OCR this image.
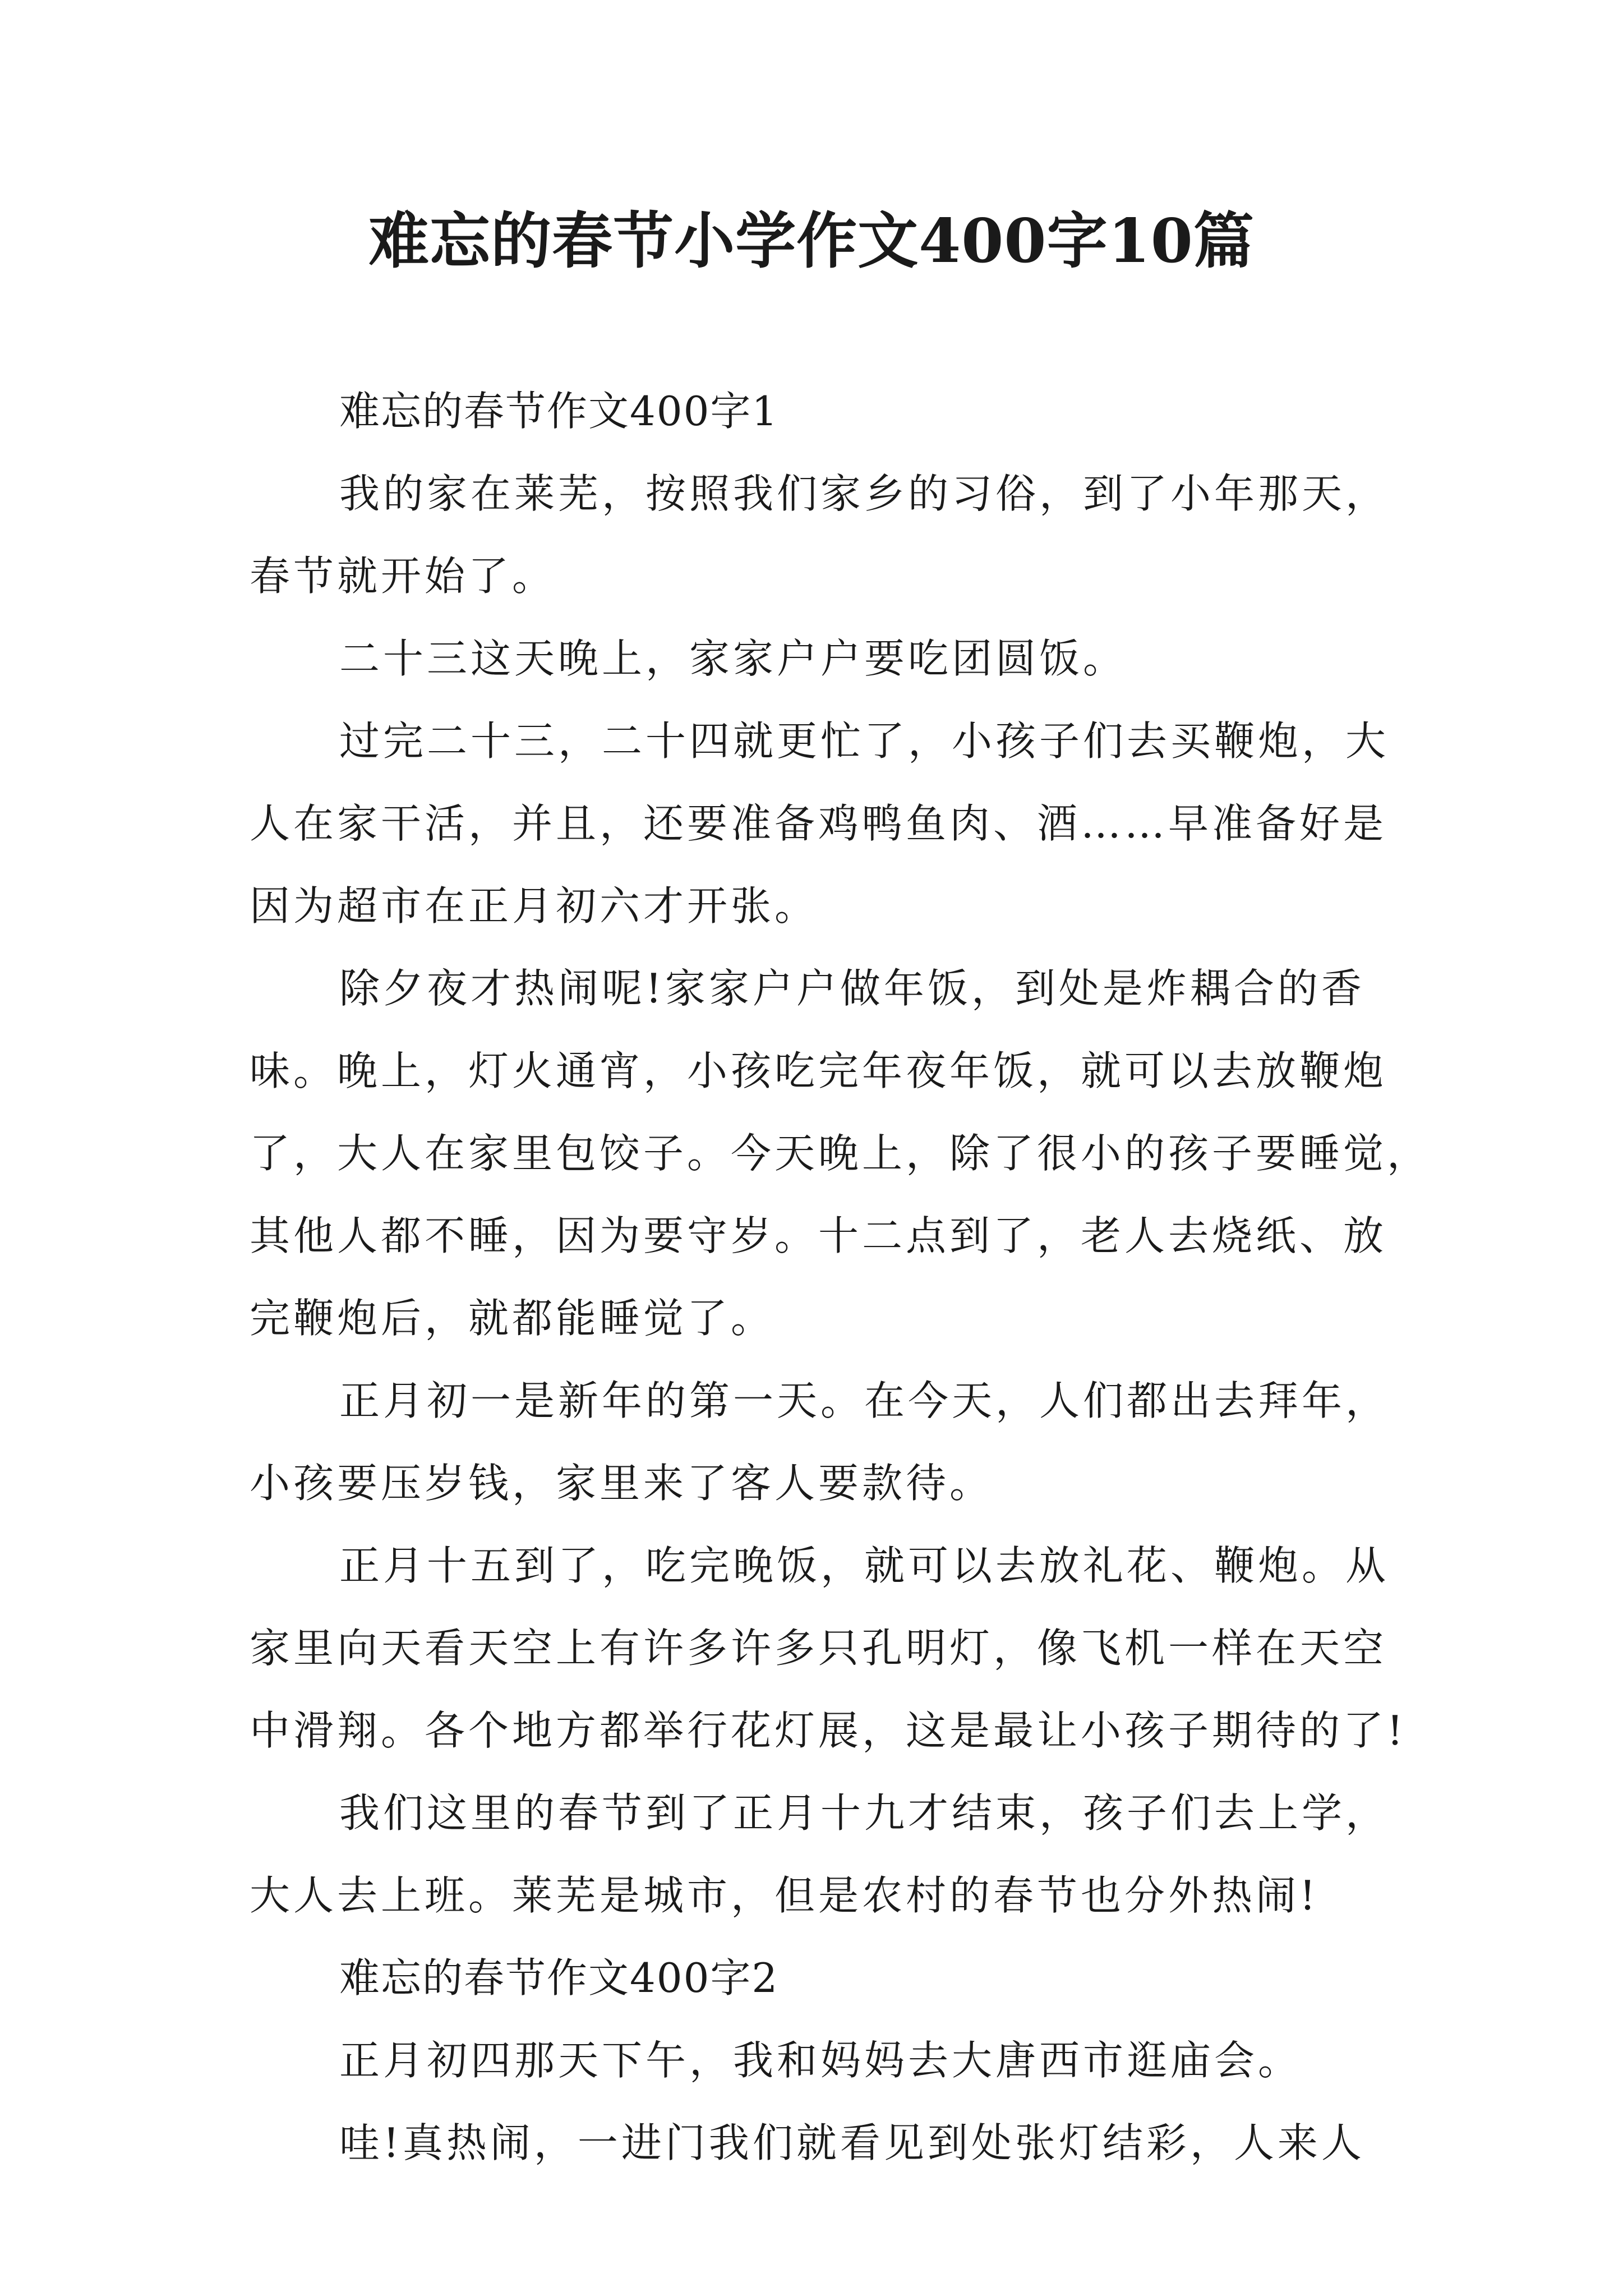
难忘的春节小学作文400字10篇
难忘的春节作文400字1
我的家在莱芜，按照我们家乡的习俗，到了小年那天，
春节就开始了。
二十三这天晚上，家家户户要吃团圆饭。
过完二十三，二十四就更忙了，小孩子们去买鞭炮，大
人在家干活，并且，还要准备鸡鸭鱼肉、酒……早准备好是
因为超市在正月初六才开张。
除夕夜才热闹呢!家家户户做年饭，到处是炸耦合的香
味。晚上，灯火通宵，小孩吃完年夜年饭，就可以去放鞭炮
了，大人在家里包饺子。今天晚上，除了很小的孩子要睡觉，
其他人都不睡，因为要守岁。十二点到了，老人去烧纸、放
完鞭炮后，就都能睡觉了。
正月初一是新年的第一天。在今天，人们都出去拜年，
小孩要压岁钱，家里来了客人要款待。
正月十五到了，吃完晚饭，就可以去放礼花、鞭炮。从
家里向天看天空上有许多许多只孔明灯，像飞机一样在天空
中滑翔。各个地方都举行花灯展，这是最让小孩子期待的了!
我们这里的春节到了正月十九才结束，孩子们去上学，
大人去上班。莱芜是城市，但是农村的春节也分外热闹!
难忘的春节作文400字2
正月初四那天下午，我和妈妈去大唐西市逛庙会。
哇!真热闹，一进门我们就看见到处张灯结彩，人来人
